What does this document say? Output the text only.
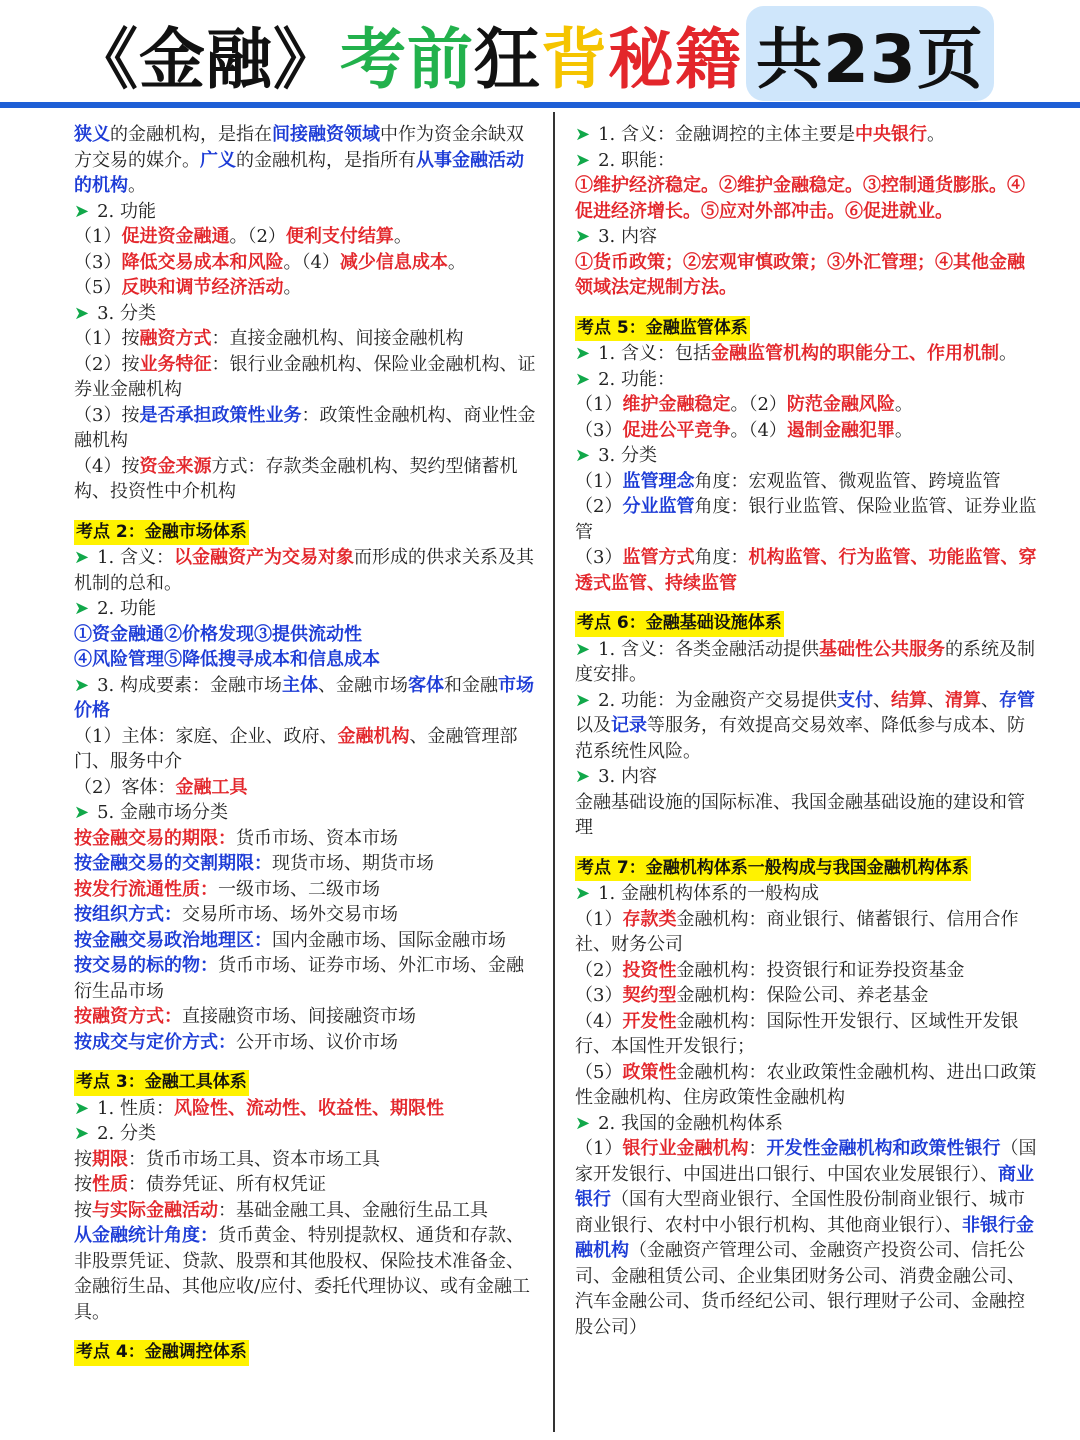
《金融》 考前 狂 背 秘籍 共23页

狭义的金融机构，是指在间接融资领域中作为资金余缺双方交易的媒介。广义的金融机构，是指所有从事金融活动的机构。

➤ 2. 功能

（1）促进资金融通。（2）便利支付结算。

（3）降低交易成本和风险。（4）减少信息成本。

（5）反映和调节经济活动。

➤ 3. 分类

（1）按融资方式：直接金融机构、间接金融机构

（2）按业务特征：银行业金融机构、保险业金融机构、证券业金融机构

（3）按是否承担政策性业务：政策性金融机构、商业性金融机构

（4）按资金来源方式：存款类金融机构、契约型储蓄机构、投资性中介机构

考点 2：金融市场体系

➤ 1. 含义：以金融资产为交易对象而形成的供求关系及其机制的总和。

➤ 2. 功能

①资金融通②价格发现③提供流动性

④风险管理⑤降低搜寻成本和信息成本

➤ 3. 构成要素：金融市场主体、金融市场客体和金融市场价格

（1）主体：家庭、企业、政府、金融机构、金融管理部门、服务中介

（2）客体：金融工具

➤ 5. 金融市场分类

按金融交易的期限：货币市场、资本市场

按金融交易的交割期限：现货市场、期货市场

按发行流通性质：一级市场、二级市场

按组织方式：交易所市场、场外交易市场

按金融交易政治地理区：国内金融市场、国际金融市场

按交易的标的物：货币市场、证券市场、外汇市场、金融衍生品市场

按融资方式：直接融资市场、间接融资市场

按成交与定价方式：公开市场、议价市场

考点 3：金融工具体系

➤ 1. 性质：风险性、流动性、收益性、期限性

➤ 2. 分类

按期限：货币市场工具、资本市场工具

按性质：债券凭证、所有权凭证

按与实际金融活动：基础金融工具、金融衍生品工具

从金融统计角度：货币黄金、特别提款权、通货和存款、非股票凭证、贷款、股票和其他股权、保险技术准备金、金融衍生品、其他应收/应付、委托代理协议、或有金融工具。

考点 4：金融调控体系

➤ 1. 含义：金融调控的主体主要是中央银行。

➤ 2. 职能：

①维护经济稳定。②维护金融稳定。③控制通货膨胀。④促进经济增长。⑤应对外部冲击。⑥促进就业。

➤ 3. 内容

①货币政策；②宏观审慎政策；③外汇管理；④其他金融领域法定规制方法。

考点 5：金融监管体系

➤ 1. 含义：包括金融监管机构的职能分工、作用机制。

➤ 2. 功能：

（1）维护金融稳定。（2）防范金融风险。

（3）促进公平竞争。（4）遏制金融犯罪。

➤ 3. 分类

（1）监管理念角度：宏观监管、微观监管、跨境监管

（2）分业监管角度：银行业监管、保险业监管、证券业监管

（3）监管方式角度：机构监管、行为监管、功能监管、穿透式监管、持续监管

考点 6：金融基础设施体系

➤ 1. 含义：各类金融活动提供基础性公共服务的系统及制度安排。

➤ 2. 功能：为金融资产交易提供支付、结算、清算、存管以及记录等服务，有效提高交易效率、降低参与成本、防范系统性风险。

➤ 3. 内容

金融基础设施的国际标准、我国金融基础设施的建设和管理

考点 7：金融机构体系一般构成与我国金融机构体系

➤ 1. 金融机构体系的一般构成

（1）存款类金融机构：商业银行、储蓄银行、信用合作社、财务公司

（2）投资性金融机构：投资银行和证券投资基金

（3）契约型金融机构：保险公司、养老基金

（4）开发性金融机构：国际性开发银行、区域性开发银行、本国性开发银行；

（5）政策性金融机构：农业政策性金融机构、进出口政策性金融机构、住房政策性金融机构

➤ 2. 我国的金融机构体系

（1）银行业金融机构：开发性金融机构和政策性银行（国家开发银行、中国进出口银行、中国农业发展银行）、商业银行（国有大型商业银行、全国性股份制商业银行、城市商业银行、农村中小银行机构、其他商业银行）、非银行金融机构（金融资产管理公司、金融资产投资公司、信托公司、金融租赁公司、企业集团财务公司、消费金融公司、汽车金融公司、货币经纪公司、银行理财子公司、金融控股公司）
